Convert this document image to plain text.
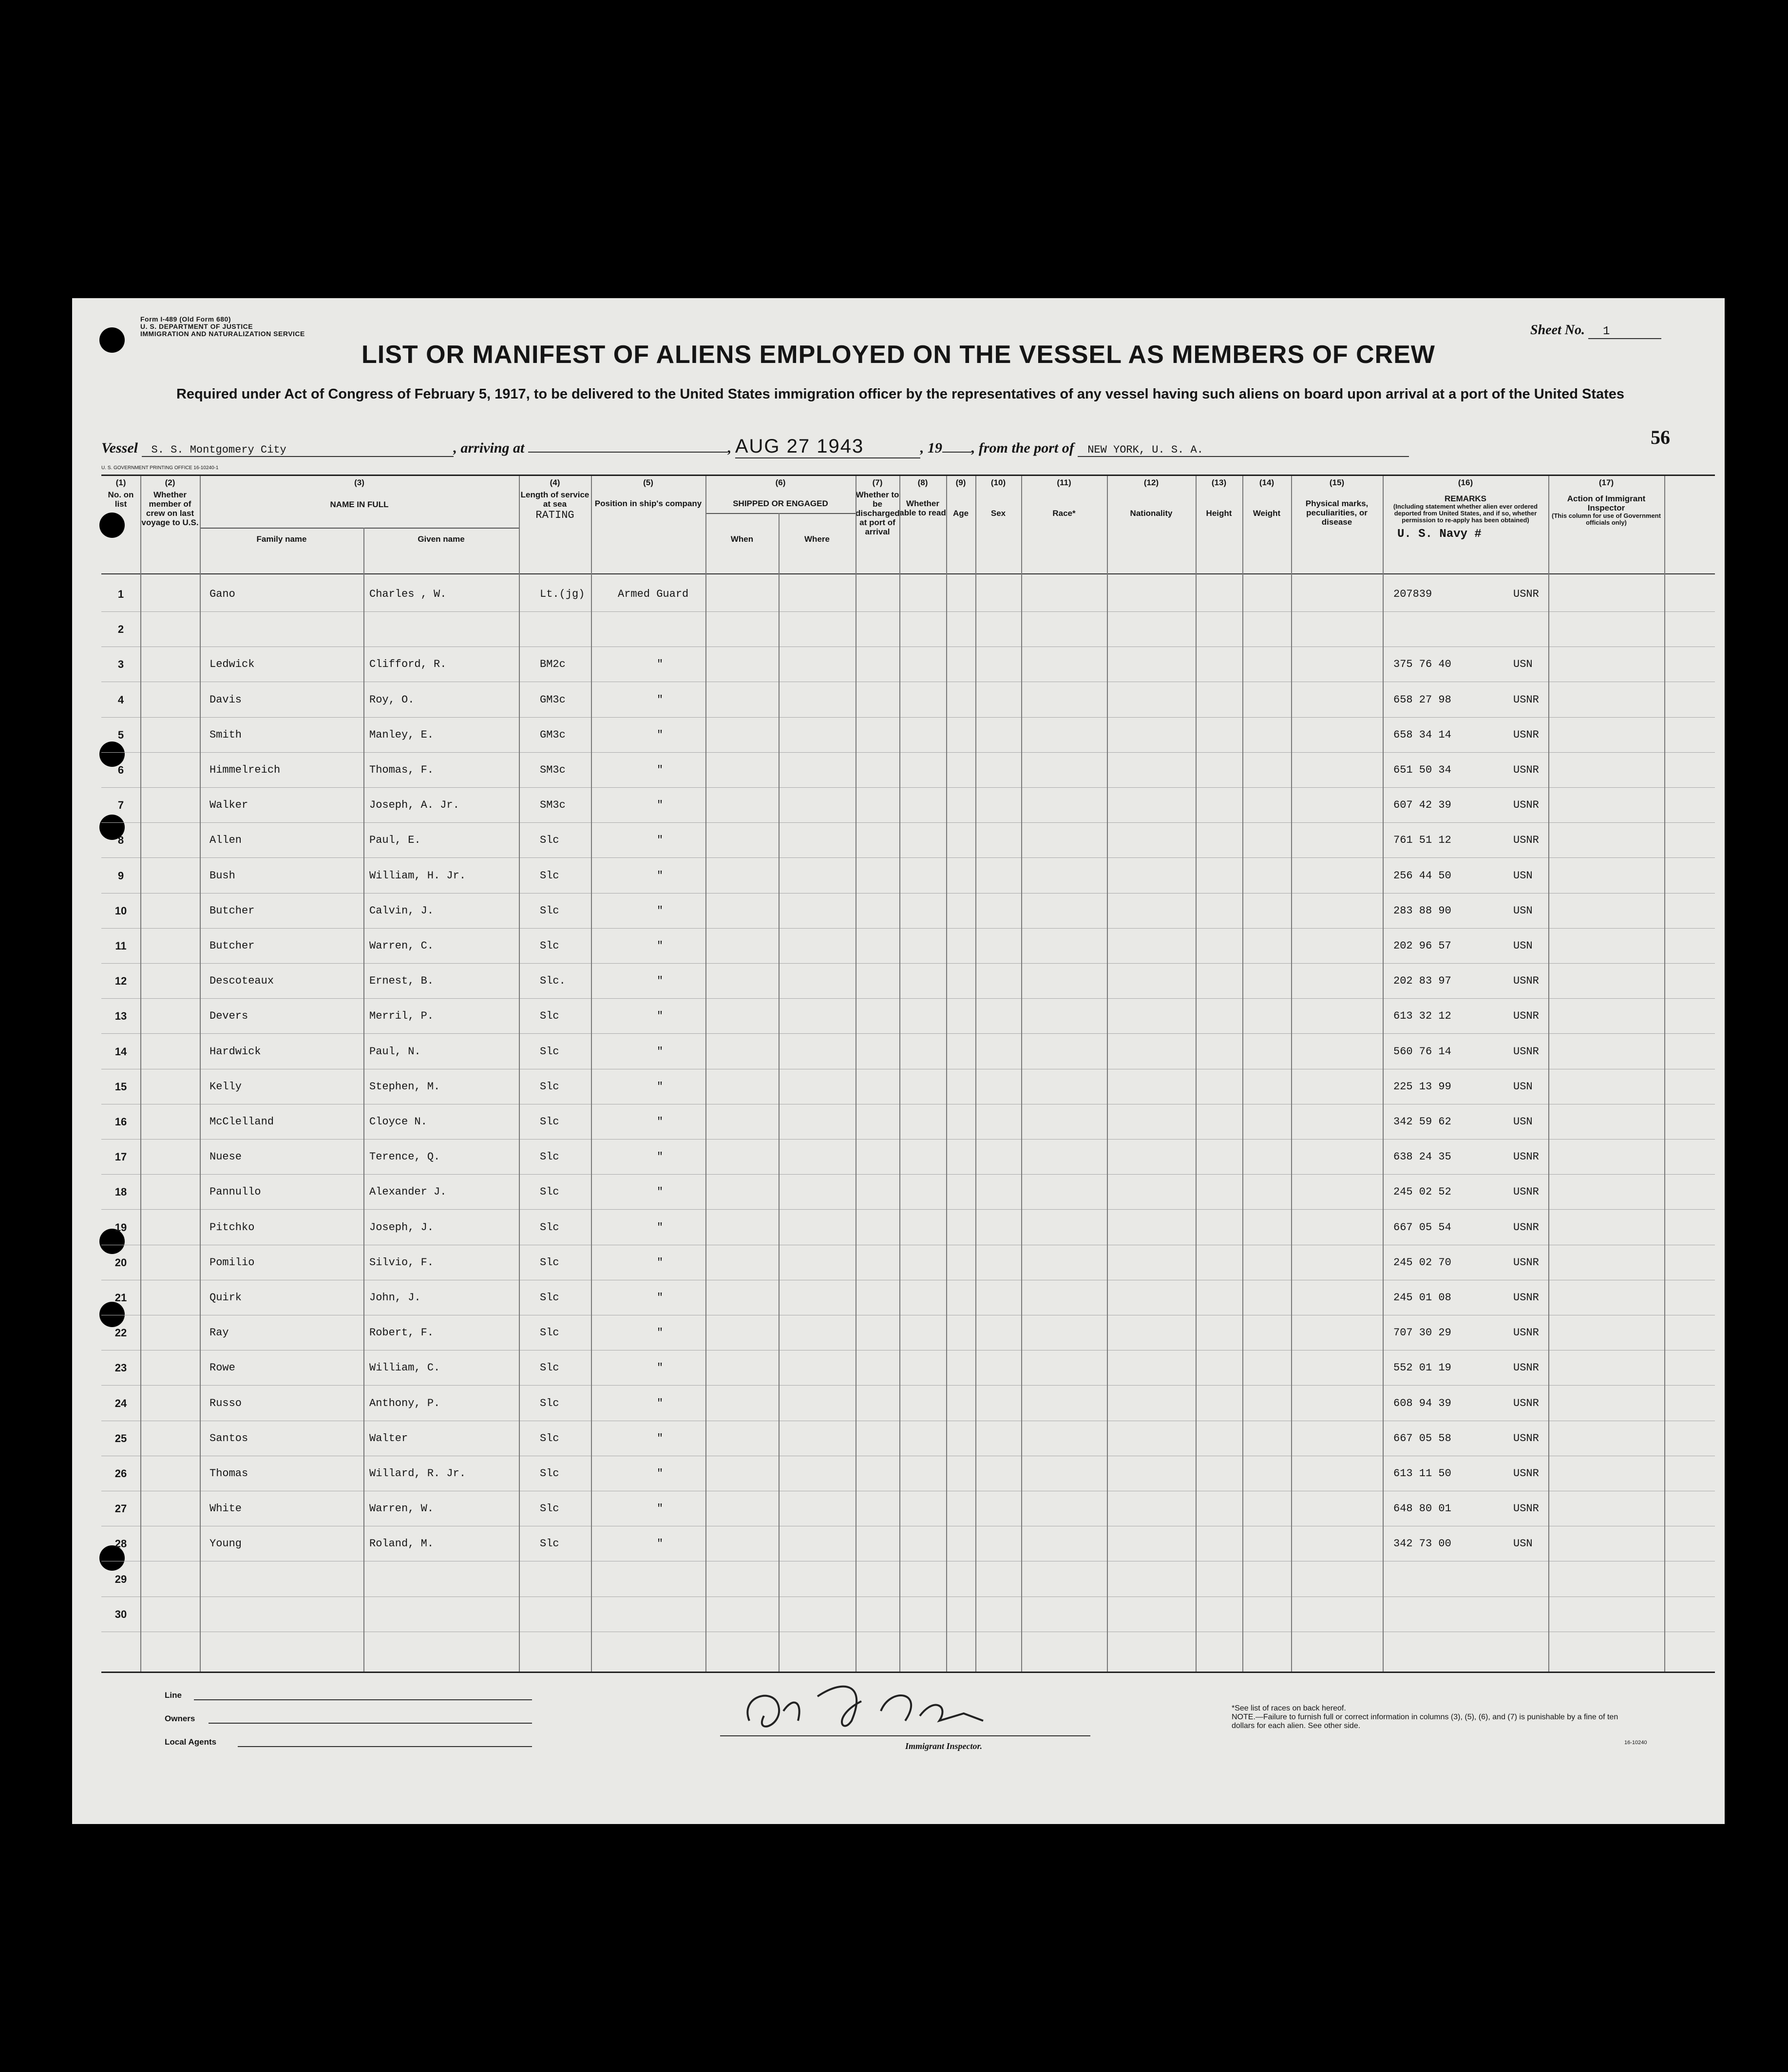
Form I-489 (Old Form 680)
U. S. DEPARTMENT OF JUSTICE
IMMIGRATION AND NATURALIZATION SERVICE	Sheet No. 1
LIST OR MANIFEST OF ALIENS EMPLOYED ON THE VESSEL AS MEMBERS OF CREW
Required under Act of Congress of February 5, 1917, to be delivered to the United States immigration officer by the representatives of any vessel having such aliens on board upon arrival at a port of the United States
Vessel S. S. Montgomery City	, arriving at	, AUG 27 1943	, 19 , from the port of NEW YORK, U. S. A.
56
U. S. GOVERNMENT PRINTING OFFICE 16-10240-1
(1)
No. on list
(2)
Whether member of crew on last voyage to U.S.
(3)
NAME IN FULL
Family name	Given name
(4)
Length of service at sea
RATING
(5)
Position in ship's company
(6)
SHIPPED OR ENGAGED
When	Where
(7)
Whether to be discharged at port of arrival
(8)
Whether able to read
(9)
Age
(10)
Sex
(11)
Race*
(12)
Nationality
(13)
Height
(14)
Weight
(15)
Physical marks, peculiarities, or disease
(16)
REMARKS
(Including statement whether alien ever ordered deported from United States, and if so, whether permission to re-apply has been obtained)
U. S. Navy #
(17)
Action of Immigrant Inspector
(This column for use of Government officials only)
1	Gano	Charles , W.	Lt.(jg)	Armed Guard	207839	USNR
2
3	Ledwick	Clifford, R.	BM2c	"	375 76 40	USN
4	Davis	Roy, O.	GM3c	"	658 27 98	USNR
5	Smith	Manley, E.	GM3c	"	658 34 14	USNR
6	Himmelreich	Thomas, F.	SM3c	"	651 50 34	USNR
7	Walker	Joseph, A. Jr.	SM3c	"	607 42 39	USNR
8	Allen	Paul, E.	Slc	"	761 51 12	USNR
9	Bush	William, H. Jr.	Slc	"	256 44 50	USN
10	Butcher	Calvin, J.	Slc	"	283 88 90	USN
11	Butcher	Warren, C.	Slc	"	202 96 57	USN
12	Descoteaux	Ernest, B.	Slc.	"	202 83 97	USNR
13	Devers	Merril, P.	Slc	"	613 32 12	USNR
14	Hardwick	Paul, N.	Slc	"	560 76 14	USNR
15	Kelly	Stephen, M.	Slc	"	225 13 99	USN
16	McClelland	Cloyce N.	Slc	"	342 59 62	USN
17	Nuese	Terence, Q.	Slc	"	638 24 35	USNR
18	Pannullo	Alexander J.	Slc	"	245 02 52	USNR
19	Pitchko	Joseph, J.	Slc	"	667 05 54	USNR
20	Pomilio	Silvio, F.	Slc	"	245 02 70	USNR
21	Quirk	John, J.	Slc	"	245 01 08	USNR
22	Ray	Robert, F.	Slc	"	707 30 29	USNR
23	Rowe	William, C.	Slc	"	552 01 19	USNR
24	Russo	Anthony, P.	Slc	"	608 94 39	USNR
25	Santos	Walter	Slc	"	667 05 58	USNR
26	Thomas	Willard, R. Jr.	Slc	"	613 11 50	USNR
27	White	Warren, W.	Slc	"	648 80 01	USNR
28	Young	Roland, M.	Slc	"	342 73 00	USN
29
30
Line
Owners
Local Agents	Immigrant Inspector.
*See list of races on back hereof.
NOTE.—Failure to furnish full or correct information in columns (3), (5), (6), and (7) is punishable by a fine of ten dollars for each alien. See other side.
16-10240
